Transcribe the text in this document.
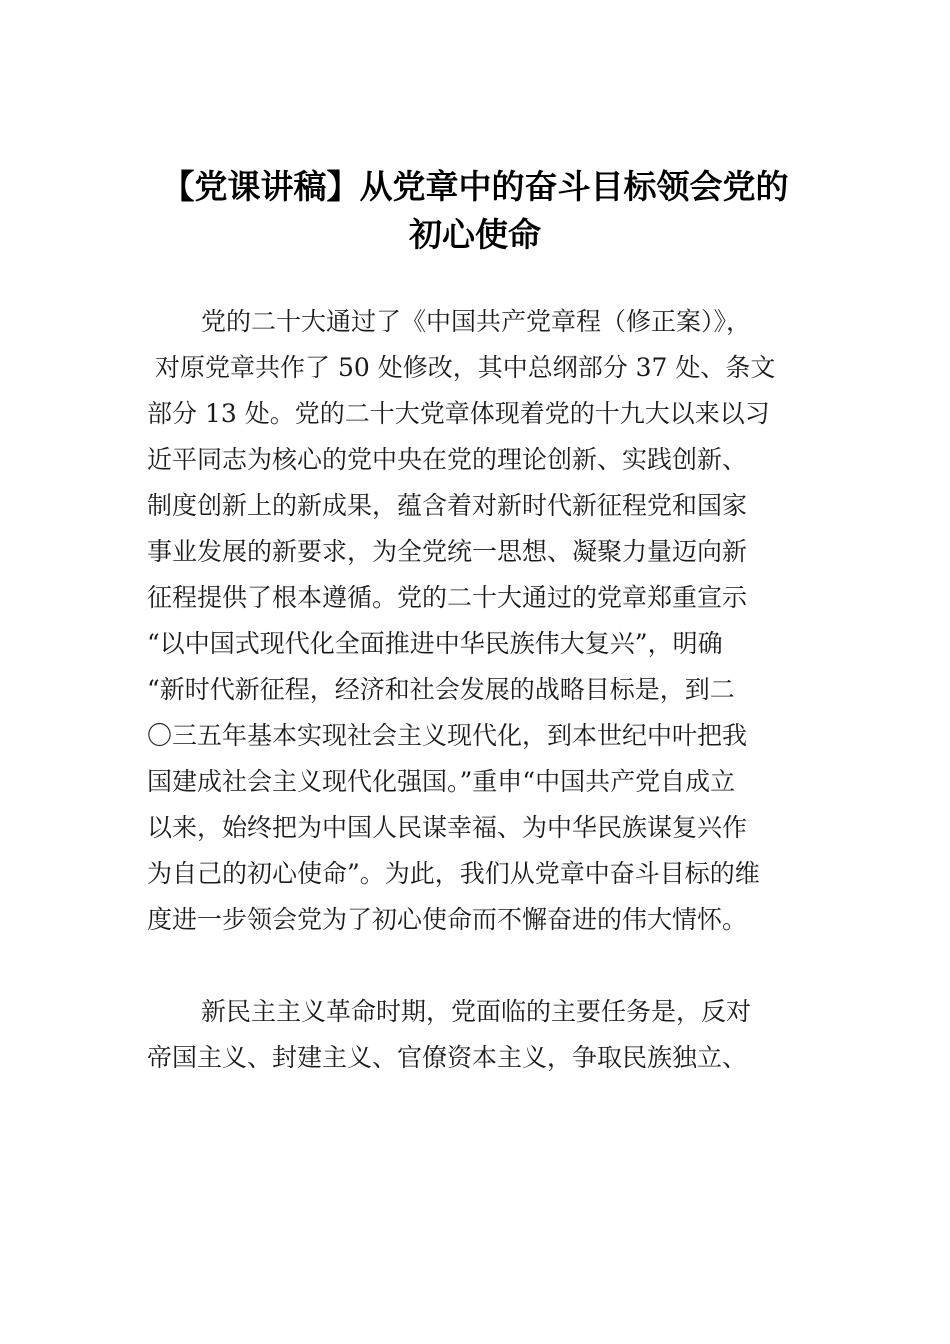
【党课讲稿】从党章中的奋斗目标领会党的
初心使命
党的二十大通过了《中国共产党章程（修正案）》，
对原党章共作了 50 处修改，其中总纲部分 37 处、条文
部分 13 处。党的二十大党章体现着党的十九大以来以习
近平同志为核心的党中央在党的理论创新、实践创新、
制度创新上的新成果，蕴含着对新时代新征程党和国家
事业发展的新要求，为全党统一思想、凝聚力量迈向新
征程提供了根本遵循。党的二十大通过的党章郑重宣示
“以中国式现代化全面推进中华民族伟大复兴”，明确
“新时代新征程，经济和社会发展的战略目标是，到二
〇三五年基本实现社会主义现代化，到本世纪中叶把我
国建成社会主义现代化强国。”重申“中国共产党自成立
以来，始终把为中国人民谋幸福、为中华民族谋复兴作
为自己的初心使命”。为此，我们从党章中奋斗目标的维
度进一步领会党为了初心使命而不懈奋进的伟大情怀。
新民主主义革命时期，党面临的主要任务是，反对
帝国主义、封建主义、官僚资本主义，争取民族独立、
